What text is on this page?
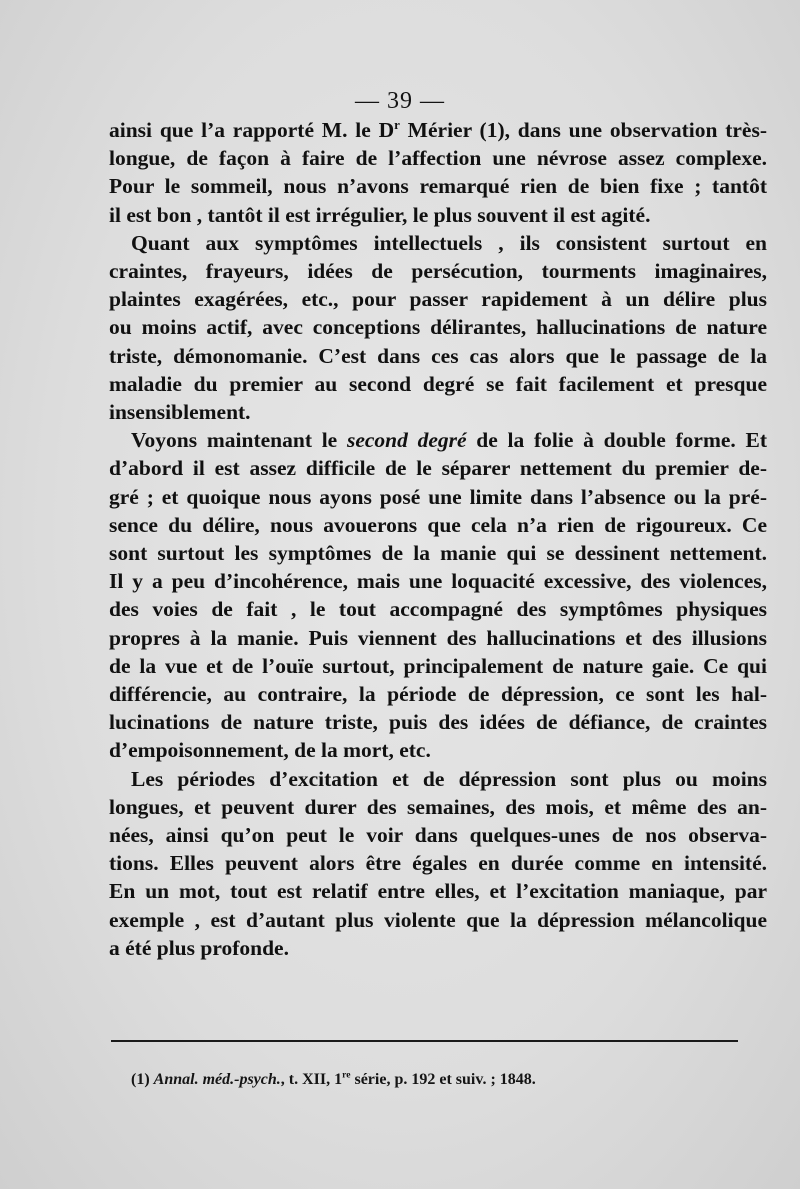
— 39 —
ainsi que l’a rapporté M. le $D^r$ Mérier (1), dans une observation très-
longue, de façon à faire de l’affection une névrose assez complexe.
Pour le sommeil, nous n’avons remarqué rien de bien fixe ; tantôt
il est bon , tantôt il est irrégulier, le plus souvent il est agité.
Quant aux symptômes intellectuels , ils consistent surtout en
craintes, frayeurs, idées de persécution, tourments imaginaires,
plaintes exagérées, etc., pour passer rapidement à un délire plus
ou moins actif, avec conceptions délirantes, hallucinations de nature
triste, démonomanie. C’est dans ces cas alors que le passage de la
maladie du premier au second degré se fait facilement et presque
insensiblement.
Voyons maintenant le second degré de la folie à double forme. Et
d’abord il est assez difficile de le séparer nettement du premier de-
gré ; et quoique nous ayons posé une limite dans l’absence ou la pré-
sence du délire, nous avouerons que cela n’a rien de rigoureux. Ce
sont surtout les symptômes de la manie qui se dessinent nettement.
Il y a peu d’incohérence, mais une loquacité excessive, des violences,
des voies de fait , le tout accompagné des symptômes physiques
propres à la manie. Puis viennent des hallucinations et des illusions
de la vue et de l’ouïe surtout, principalement de nature gaie. Ce qui
différencie, au contraire, la période de dépression, ce sont les hal-
lucinations de nature triste, puis des idées de défiance, de craintes
d’empoisonnement, de la mort, etc.
Les périodes d’excitation et de dépression sont plus ou moins
longues, et peuvent durer des semaines, des mois, et même des an-
nées, ainsi qu’on peut le voir dans quelques-unes de nos observa-
tions. Elles peuvent alors être égales en durée comme en intensité.
En un mot, tout est relatif entre elles, et l’excitation maniaque, par
exemple , est d’autant plus violente que la dépression mélancolique
a été plus profonde.
(1) Annal. méd.-psych., t. XII, 1re série, p. 192 et suiv. ; 1848.
